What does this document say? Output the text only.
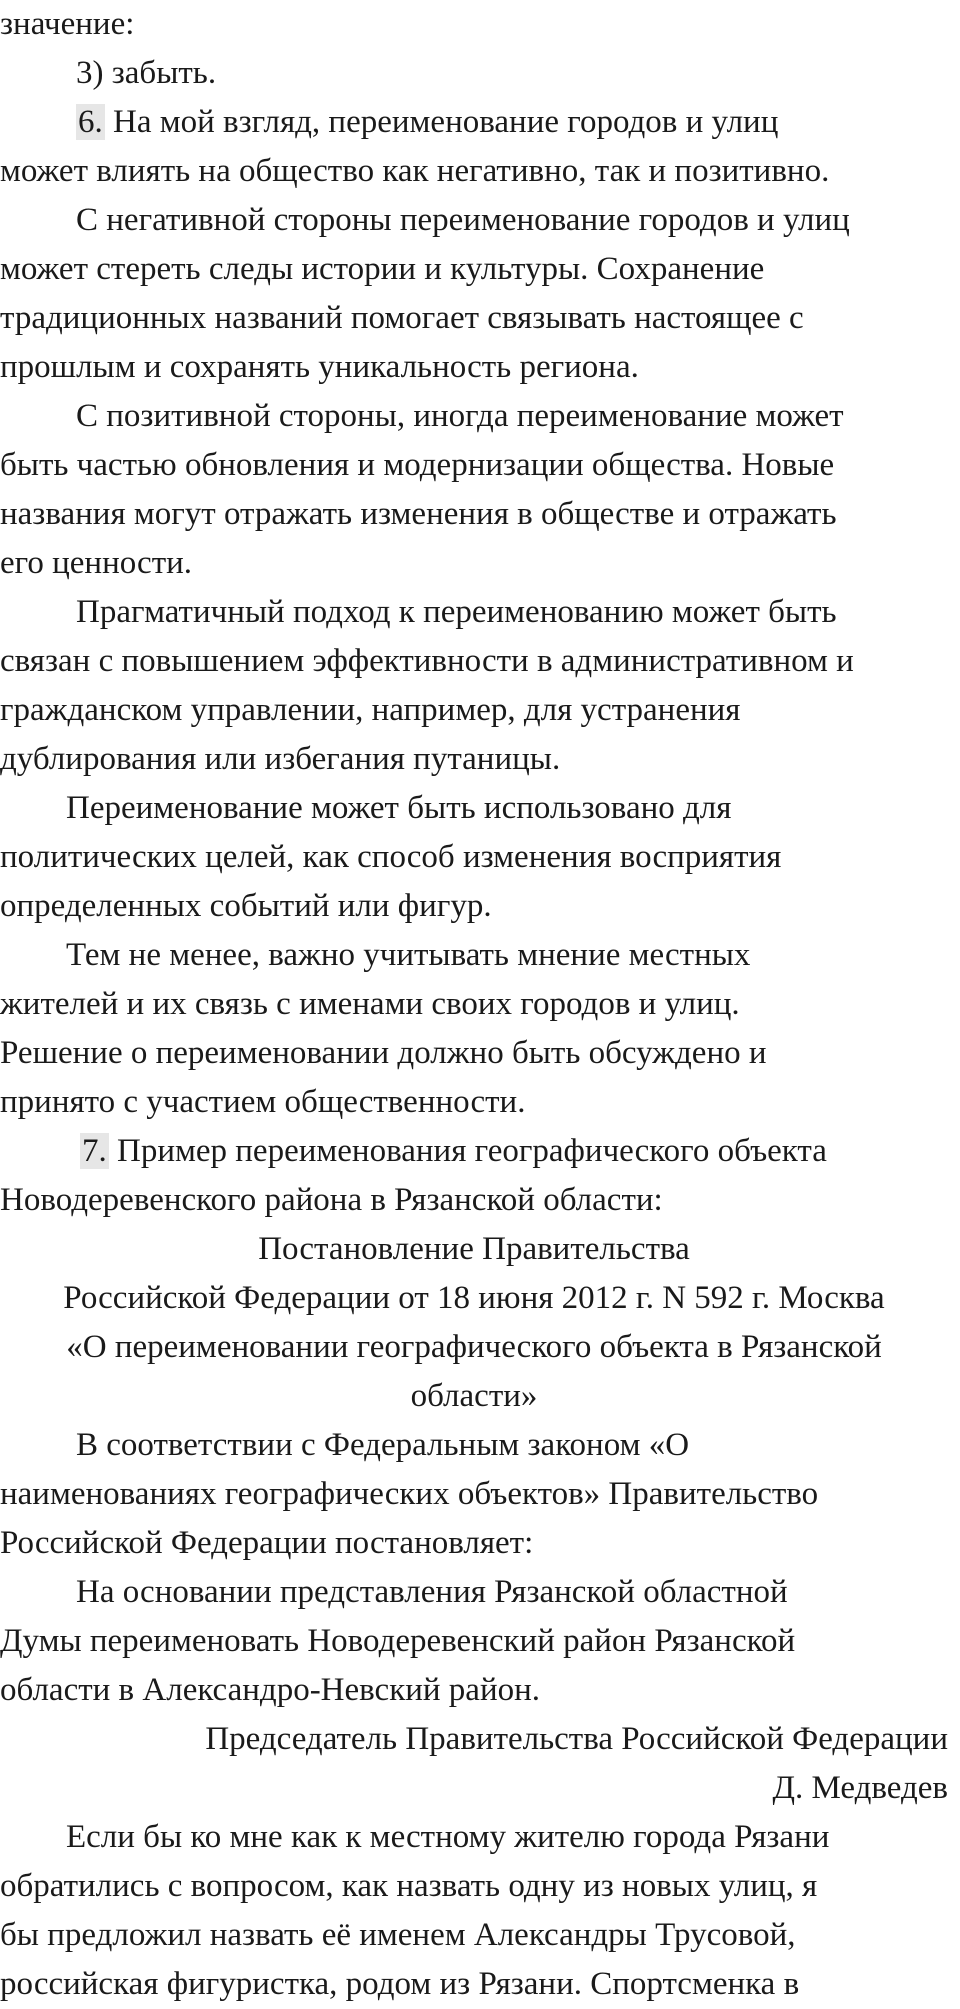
значение:
3) забыть.
6. На мой взгляд, переименование городов и улиц
может влиять на общество как негативно, так и позитивно.
С негативной стороны переименование городов и улиц
может стереть следы истории и культуры. Сохранение
традиционных названий помогает связывать настоящее с
прошлым и сохранять уникальность региона.
С позитивной стороны, иногда переименование может
быть частью обновления и модернизации общества. Новые
названия могут отражать изменения в обществе и отражать
его ценности.
Прагматичный подход к переименованию может быть
связан с повышением эффективности в административном и
гражданском управлении, например, для устранения
дублирования или избегания путаницы.
Переименование может быть использовано для
политических целей, как способ изменения восприятия
определенных событий или фигур.
Тем не менее, важно учитывать мнение местных
жителей и их связь с именами своих городов и улиц.
Решение о переименовании должно быть обсуждено и
принято с участием общественности.
7. Пример переименования географического объекта
Новодеревенского района в Рязанской области:
Постановление Правительства
Российской Федерации от 18 июня 2012 г. N 592 г. Москва
«О переименовании географического объекта в Рязанской
области»
В соответствии с Федеральным законом «О
наименованиях географических объектов» Правительство
Российской Федерации постановляет:
На основании представления Рязанской областной
Думы переименовать Новодеревенский район Рязанской
области в Александро-Невский район.
Председатель Правительства Российской Федерации
Д. Медведев
Если бы ко мне как к местному жителю города Рязани
обратились с вопросом, как назвать одну из новых улиц, я
бы предложил назвать её именем Александры Трусовой,
российская фигуристка, родом из Рязани. Спортсменка в
